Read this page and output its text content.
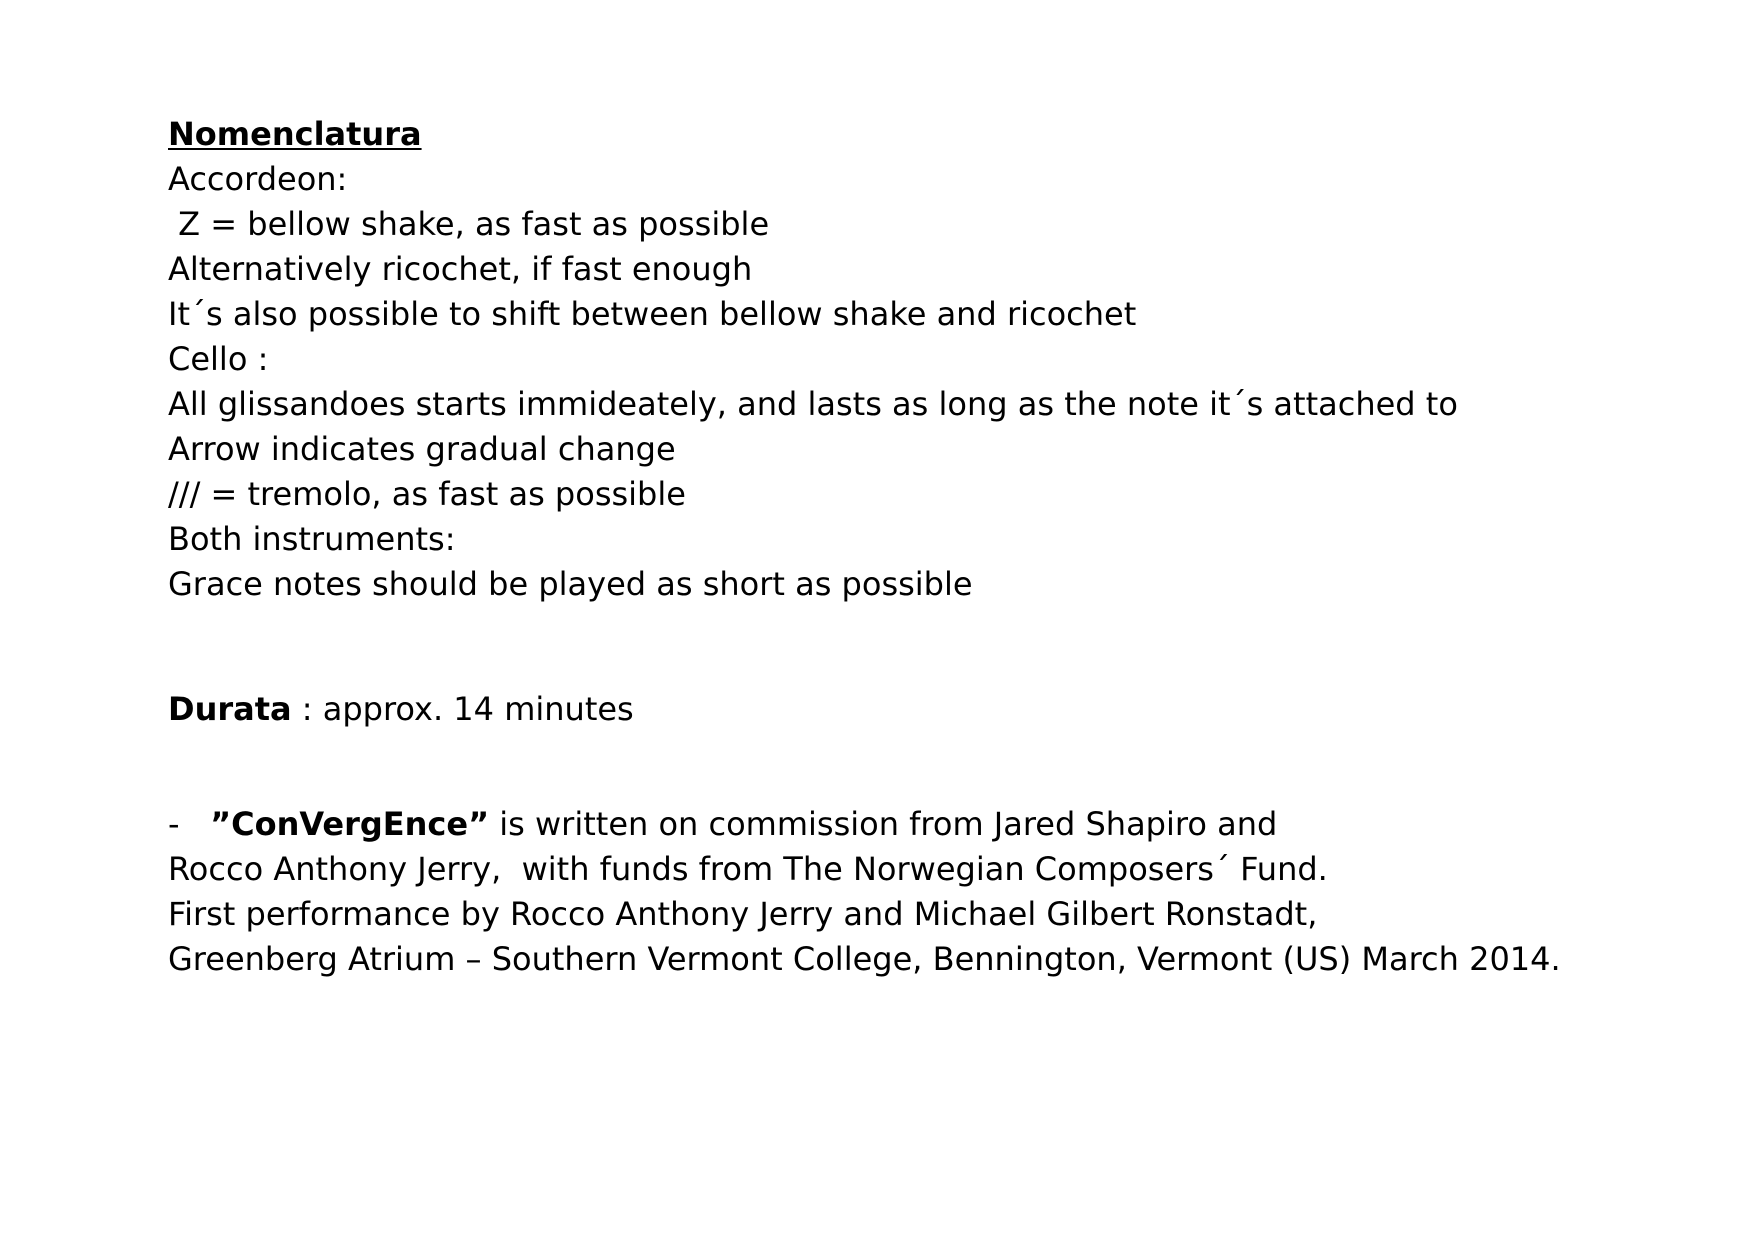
Nomenclatura
Accordeon:
Z = bellow shake, as fast as possible
Alternatively ricochet, if fast enough
It´s also possible to shift between bellow shake and ricochet
Cello :
All glissandoes starts immideately, and lasts as long as the note it´s attached to
Arrow indicates gradual change
/// = tremolo, as fast as possible
Both instruments:
Grace notes should be played as short as possible
Durata : approx. 14 minutes
-   ”ConVergEnce” is written on commission from Jared Shapiro and
Rocco Anthony Jerry,  with funds from The Norwegian Composers´ Fund.
First performance by Rocco Anthony Jerry and Michael Gilbert Ronstadt,
Greenberg Atrium – Southern Vermont College, Bennington, Vermont (US) March 2014.
